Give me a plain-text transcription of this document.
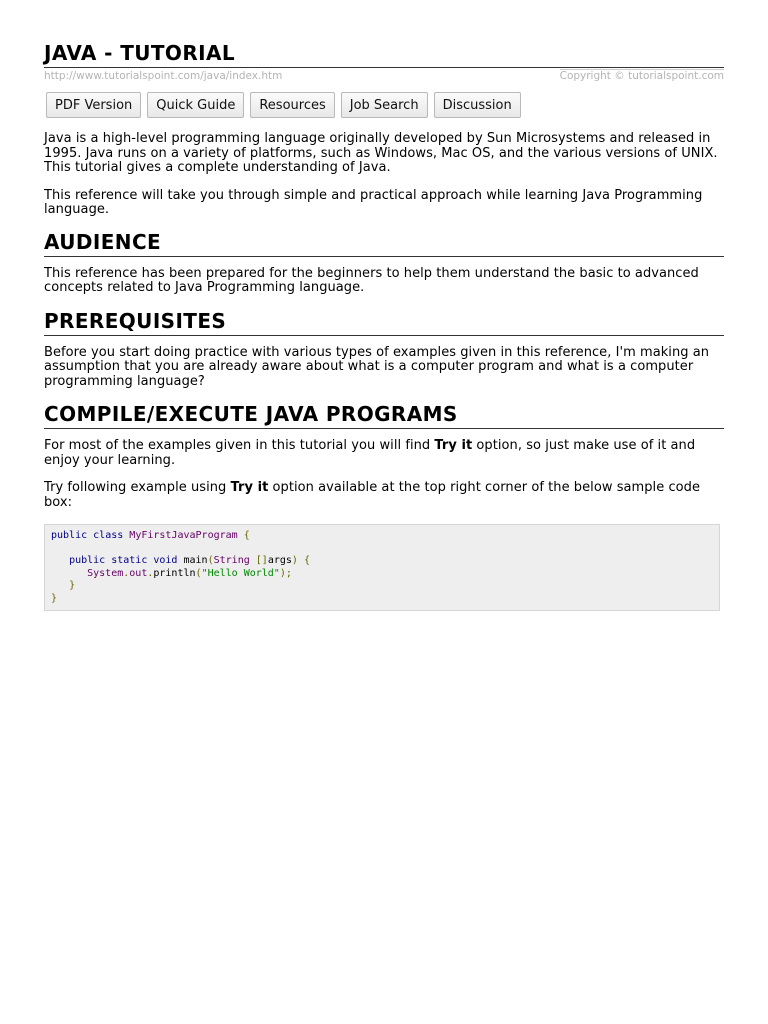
JAVA - TUTORIAL
http://www.tutorialspoint.com/java/index.htm	Copyright © tutorialspoint.com
PDF Version	Quick Guide	Resources	Job Search	Discussion

Java is a high-level programming language originally developed by Sun Microsystems and released in 1995. Java runs on a variety of platforms, such as Windows, Mac OS, and the various versions of UNIX. This tutorial gives a complete understanding of Java.

This reference will take you through simple and practical approach while learning Java Programming language.

AUDIENCE

This reference has been prepared for the beginners to help them understand the basic to advanced concepts related to Java Programming language.

PREREQUISITES

Before you start doing practice with various types of examples given in this reference, I'm making an assumption that you are already aware about what is a computer program and what is a computer programming language?

COMPILE/EXECUTE JAVA PROGRAMS

For most of the examples given in this tutorial you will find Try it option, so just make use of it and enjoy your learning.

Try following example using Try it option available at the top right corner of the below sample code box:

public class MyFirstJavaProgram {

public static void main(String []args) {
System.out.println("Hello World");
}
}
